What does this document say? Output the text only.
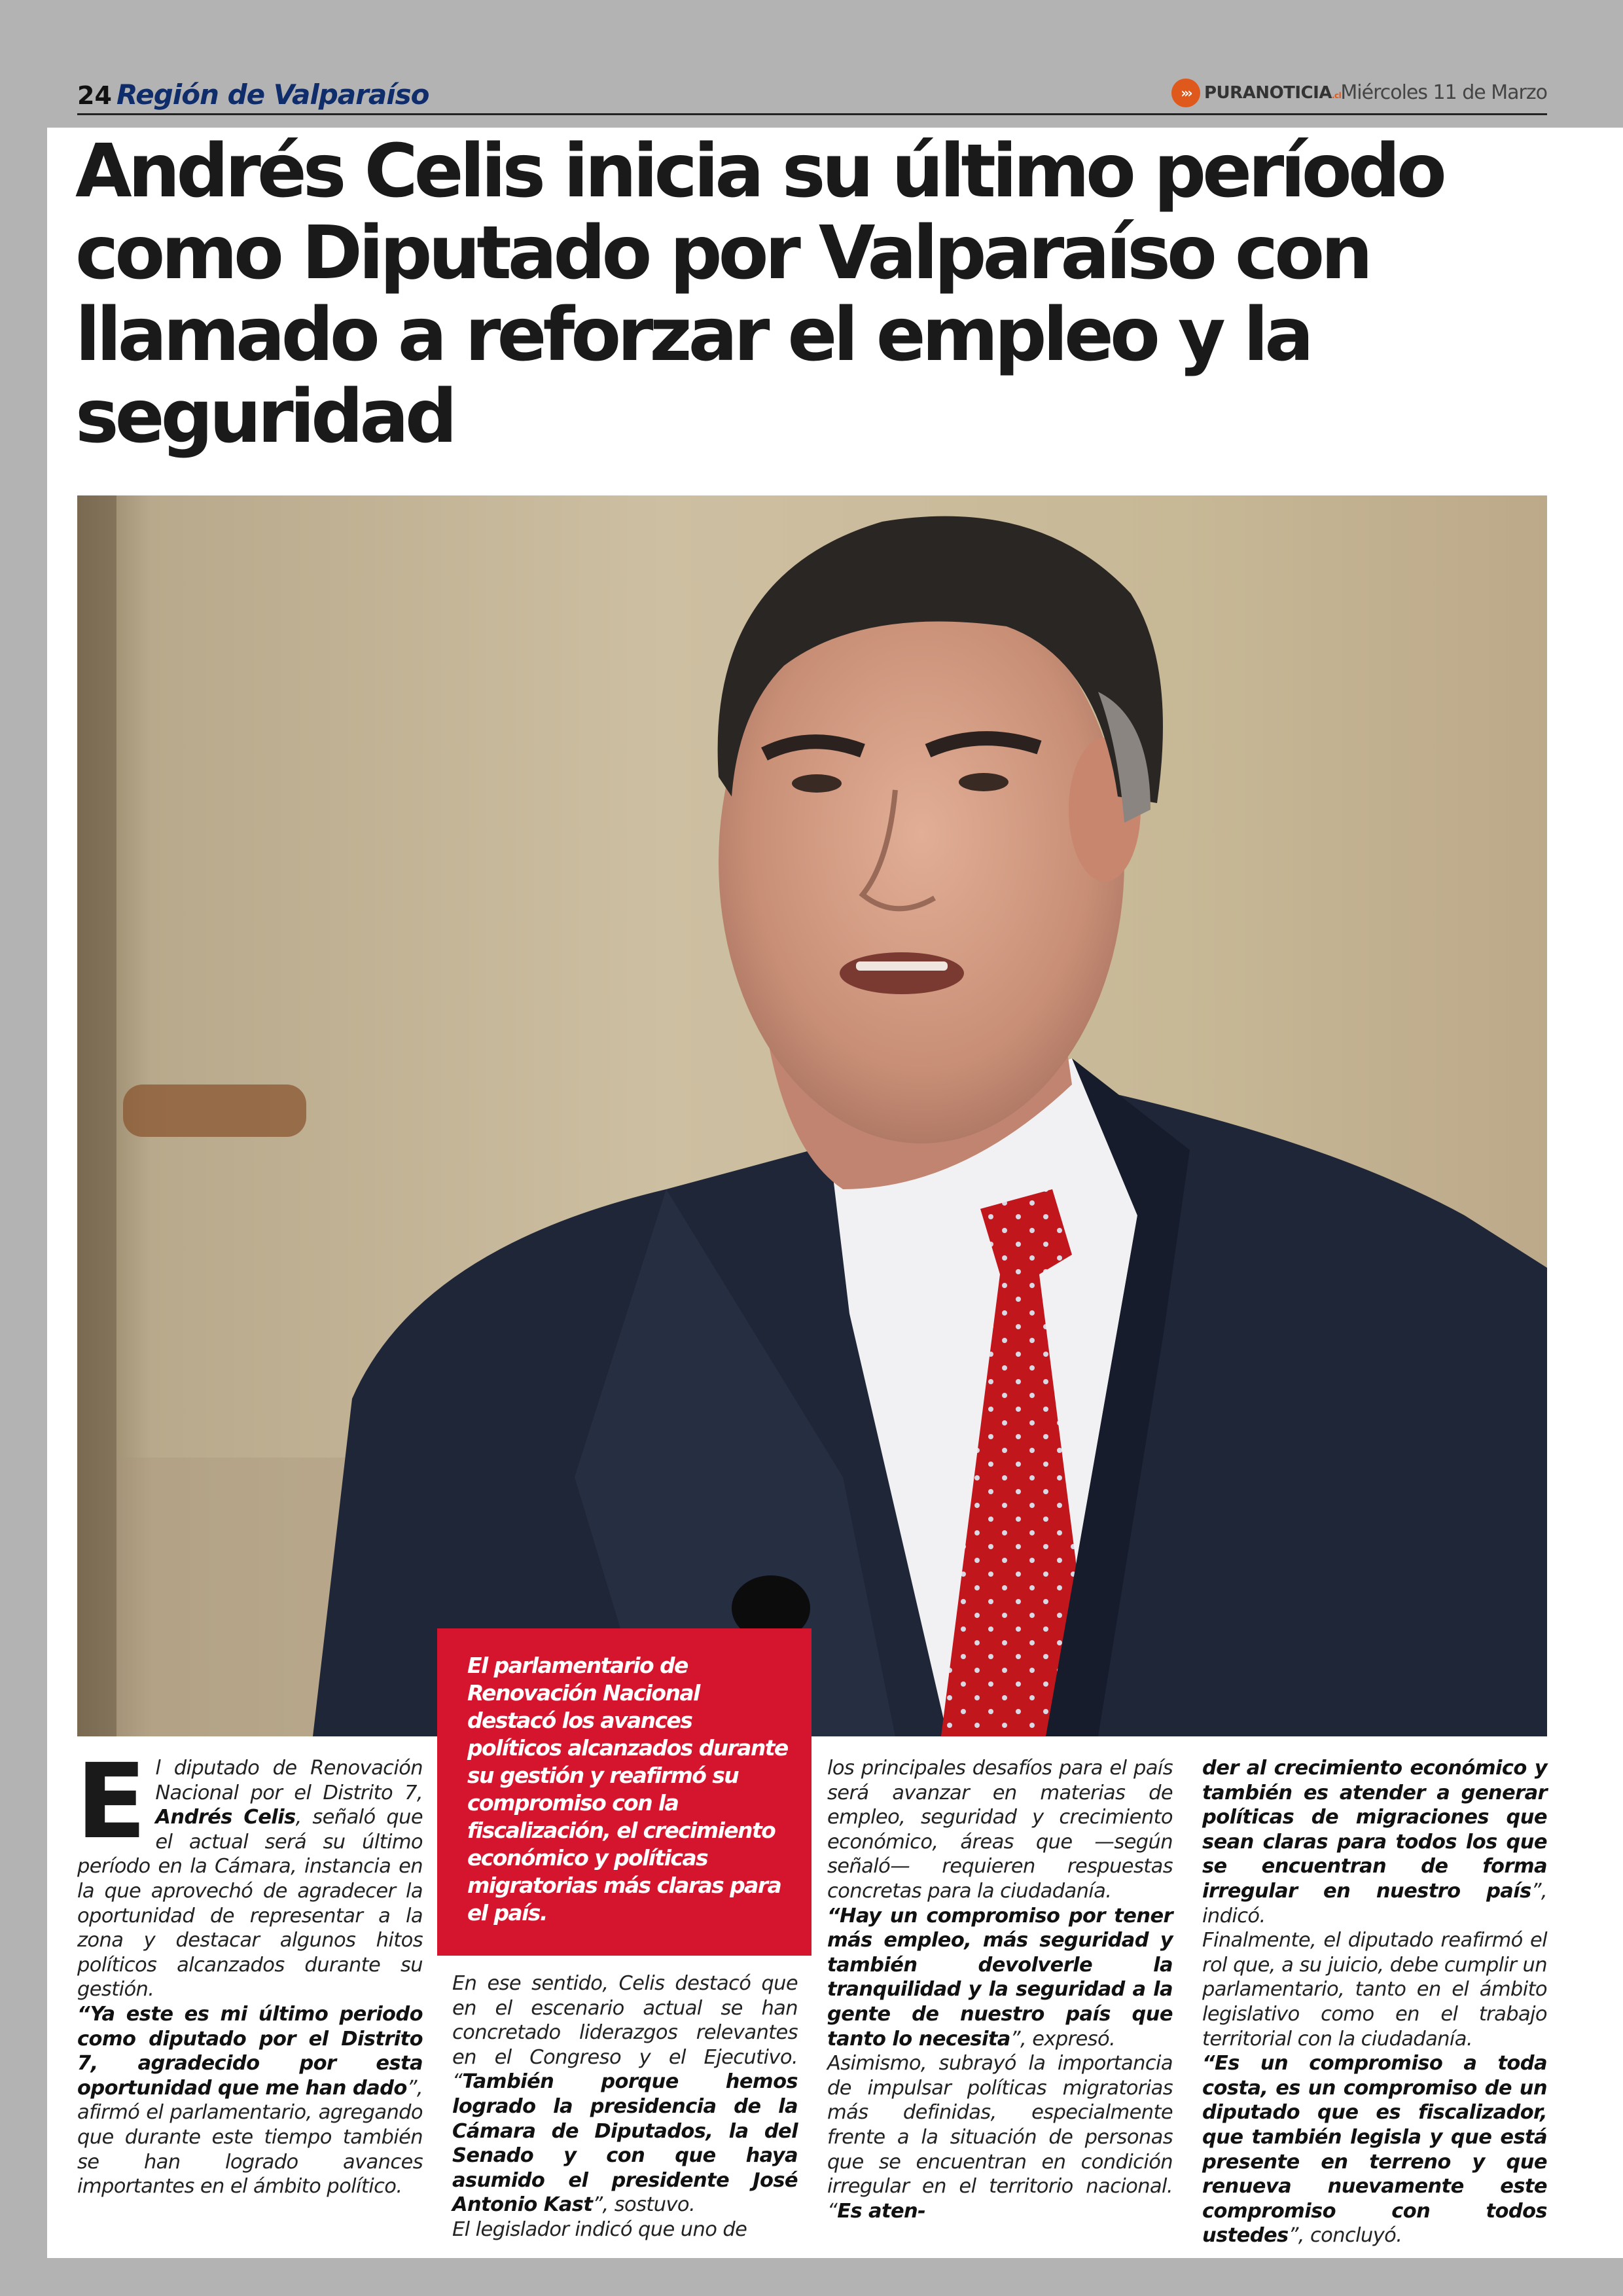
24 Región de Valparaíso	»› PURANOTICIA.cl Miércoles 11 de Marzo
Andrés Celis inicia su último período como Diputado por Valparaíso con llamado a reforzar el empleo y la seguridad

El parlamentario de Renovación Nacional destacó los avances políticos alcanzados durante su gestión y reafirmó su compromiso con la fiscalización, el crecimiento económico y políticas migratorias más claras para el país.

E l diputado de Renovación Nacional por el Distrito 7, Andrés Celis, señaló que el actual será su último período en la Cámara, instancia en la que aprovechó de agradecer la oportunidad de representar a la zona y destacar algunos hitos políticos alcanzados durante su gestión.

“Ya este es mi último periodo como diputado por el Distrito 7, agradecido por esta oportunidad que me han dado”, afirmó el parlamentario, agregando que durante este tiempo también se han logrado avances importantes en el ámbito político.

En ese sentido, Celis destacó que en el escenario actual se han concretado liderazgos relevantes en el Congreso y el Ejecutivo. “También porque hemos logrado la presidencia de la Cámara de Diputados, la del Senado y con que haya asumido el presidente José Antonio Kast”, sostuvo.

El legislador indicó que uno de

los principales desafíos para el país será avanzar en materias de empleo, seguridad y crecimiento económico, áreas que —según señaló— requieren respuestas concretas para la ciudadanía.

“Hay un compromiso por tener más empleo, más seguridad y también devolverle la tranquilidad y la seguridad a la gente de nuestro país que tanto lo necesita”, expresó.

Asimismo, subrayó la importancia de impulsar políticas migratorias más definidas, especialmente frente a la situación de personas que se encuentran en condición irregular en el territorio nacional. “Es aten-

der al crecimiento económico y también es atender a generar políticas de migraciones que sean claras para todos los que se encuentran de forma irregular en nuestro país”, indicó.

Finalmente, el diputado reafirmó el rol que, a su juicio, debe cumplir un parlamentario, tanto en el ámbito legislativo como en el trabajo territorial con la ciudadanía.

“Es un compromiso a toda costa, es un compromiso de un diputado que es fiscalizador, que también legisla y que está presente en terreno y que renueva nuevamente este compromiso con todos ustedes”, concluyó.
